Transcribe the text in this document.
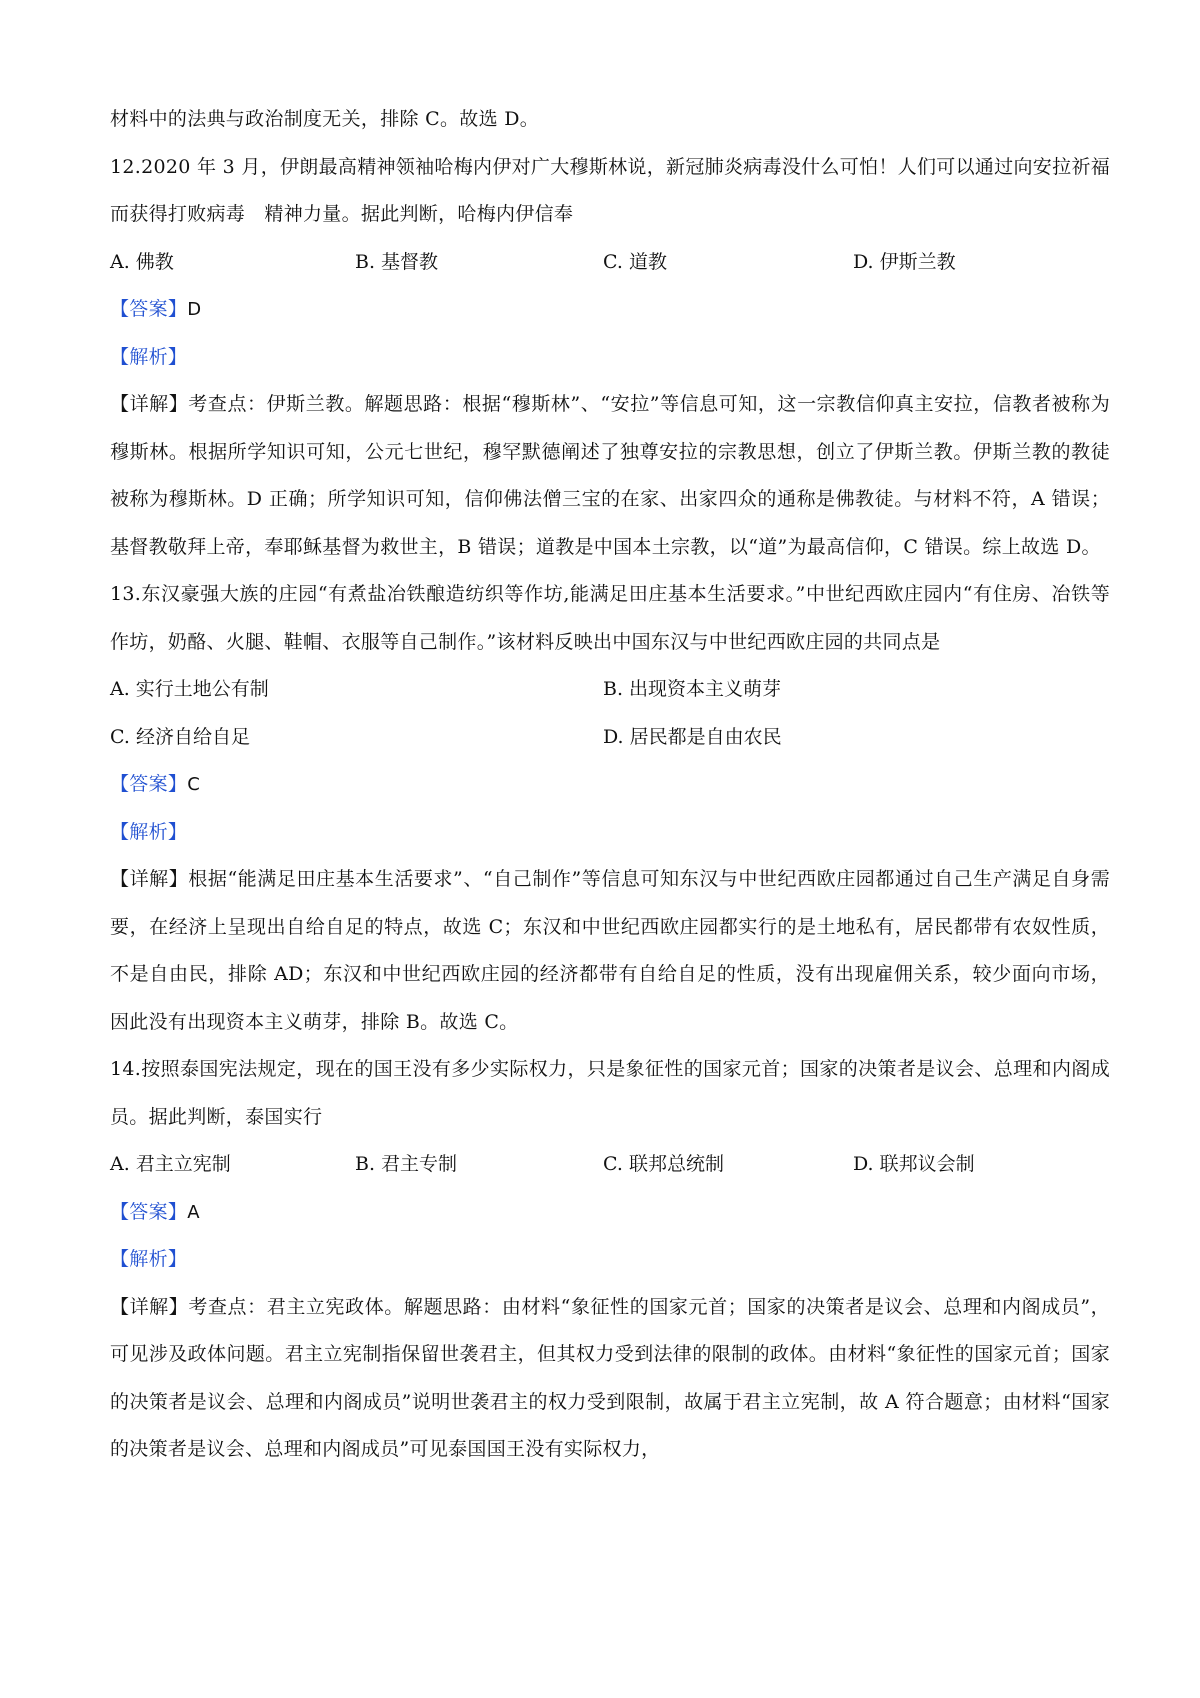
材料中的法典与政治制度无关，排除 C。故选 D。
12.2020 年 3 月，伊朗最高精神领袖哈梅内伊对广大穆斯林说，新冠肺炎病毒没什么可怕！人们可以通过向安拉祈福而获得打败病毒　精神力量。据此判断，哈梅内伊信奉
A. 佛教	B. 基督教	C. 道教	D. 伊斯兰教
【答案】D
【解析】
【详解】考查点：伊斯兰教。解题思路：根据“穆斯林”、“安拉”等信息可知，这一宗教信仰真主安拉，信教者被称为穆斯林。根据所学知识可知，公元七世纪，穆罕默德阐述了独尊安拉的宗教思想，创立了伊斯兰教。伊斯兰教的教徒被称为穆斯林。D 正确；所学知识可知，信仰佛法僧三宝的在家、出家四众的通称是佛教徒。与材料不符，A 错误；基督教敬拜上帝，奉耶稣基督为救世主，B 错误；道教是中国本土宗教，以“道”为最高信仰，C 错误。综上故选 D。
13.东汉豪强大族的庄园“有煮盐冶铁酿造纺织等作坊,能满足田庄基本生活要求。”中世纪西欧庄园内“有住房、冶铁等作坊，奶酪、火腿、鞋帽、衣服等自己制作。”该材料反映出中国东汉与中世纪西欧庄园的共同点是
A. 实行土地公有制	B. 出现资本主义萌芽
C. 经济自给自足	D. 居民都是自由农民
【答案】C
【解析】
【详解】根据“能满足田庄基本生活要求”、“自己制作”等信息可知东汉与中世纪西欧庄园都通过自己生产满足自身需要，在经济上呈现出自给自足的特点，故选 C；东汉和中世纪西欧庄园都实行的是土地私有，居民都带有农奴性质，不是自由民，排除 AD；东汉和中世纪西欧庄园的经济都带有自给自足的性质，没有出现雇佣关系，较少面向市场，因此没有出现资本主义萌芽，排除 B。故选 C。
14.按照泰国宪法规定，现在的国王没有多少实际权力，只是象征性的国家元首；国家的决策者是议会、总理和内阁成员。据此判断，泰国实行
A. 君主立宪制	B. 君主专制	C. 联邦总统制	D. 联邦议会制
【答案】A
【解析】
【详解】考查点：君主立宪政体。解题思路：由材料“象征性的国家元首；国家的决策者是议会、总理和内阁成员”，可见涉及政体问题。君主立宪制指保留世袭君主，但其权力受到法律的限制的政体。由材料“象征性的国家元首；国家的决策者是议会、总理和内阁成员”说明世袭君主的权力受到限制，故属于君主立宪制，故 A 符合题意；由材料“国家的决策者是议会、总理和内阁成员”可见泰国国王没有实际权力，
